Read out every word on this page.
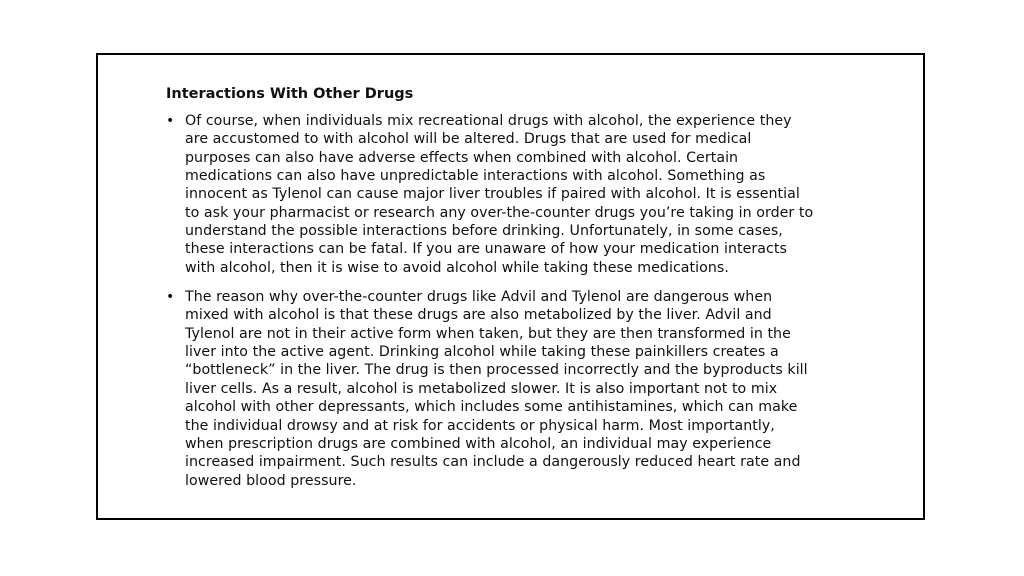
Interactions With Other Drugs
• Of course, when individuals mix recreational drugs with alcohol, the experience they
are accustomed to with alcohol will be altered. Drugs that are used for medical
purposes can also have adverse effects when combined with alcohol. Certain
medications can also have unpredictable interactions with alcohol. Something as
innocent as Tylenol can cause major liver troubles if paired with alcohol. It is essential
to ask your pharmacist or research any over-the-counter drugs you’re taking in order to
understand the possible interactions before drinking. Unfortunately, in some cases,
these interactions can be fatal. If you are unaware of how your medication interacts
with alcohol, then it is wise to avoid alcohol while taking these medications.
• The reason why over-the-counter drugs like Advil and Tylenol are dangerous when
mixed with alcohol is that these drugs are also metabolized by the liver. Advil and
Tylenol are not in their active form when taken, but they are then transformed in the
liver into the active agent. Drinking alcohol while taking these painkillers creates a
“bottleneck” in the liver. The drug is then processed incorrectly and the byproducts kill
liver cells. As a result, alcohol is metabolized slower. It is also important not to mix
alcohol with other depressants, which includes some antihistamines, which can make
the individual drowsy and at risk for accidents or physical harm. Most importantly,
when prescription drugs are combined with alcohol, an individual may experience
increased impairment. Such results can include a dangerously reduced heart rate and
lowered blood pressure.
